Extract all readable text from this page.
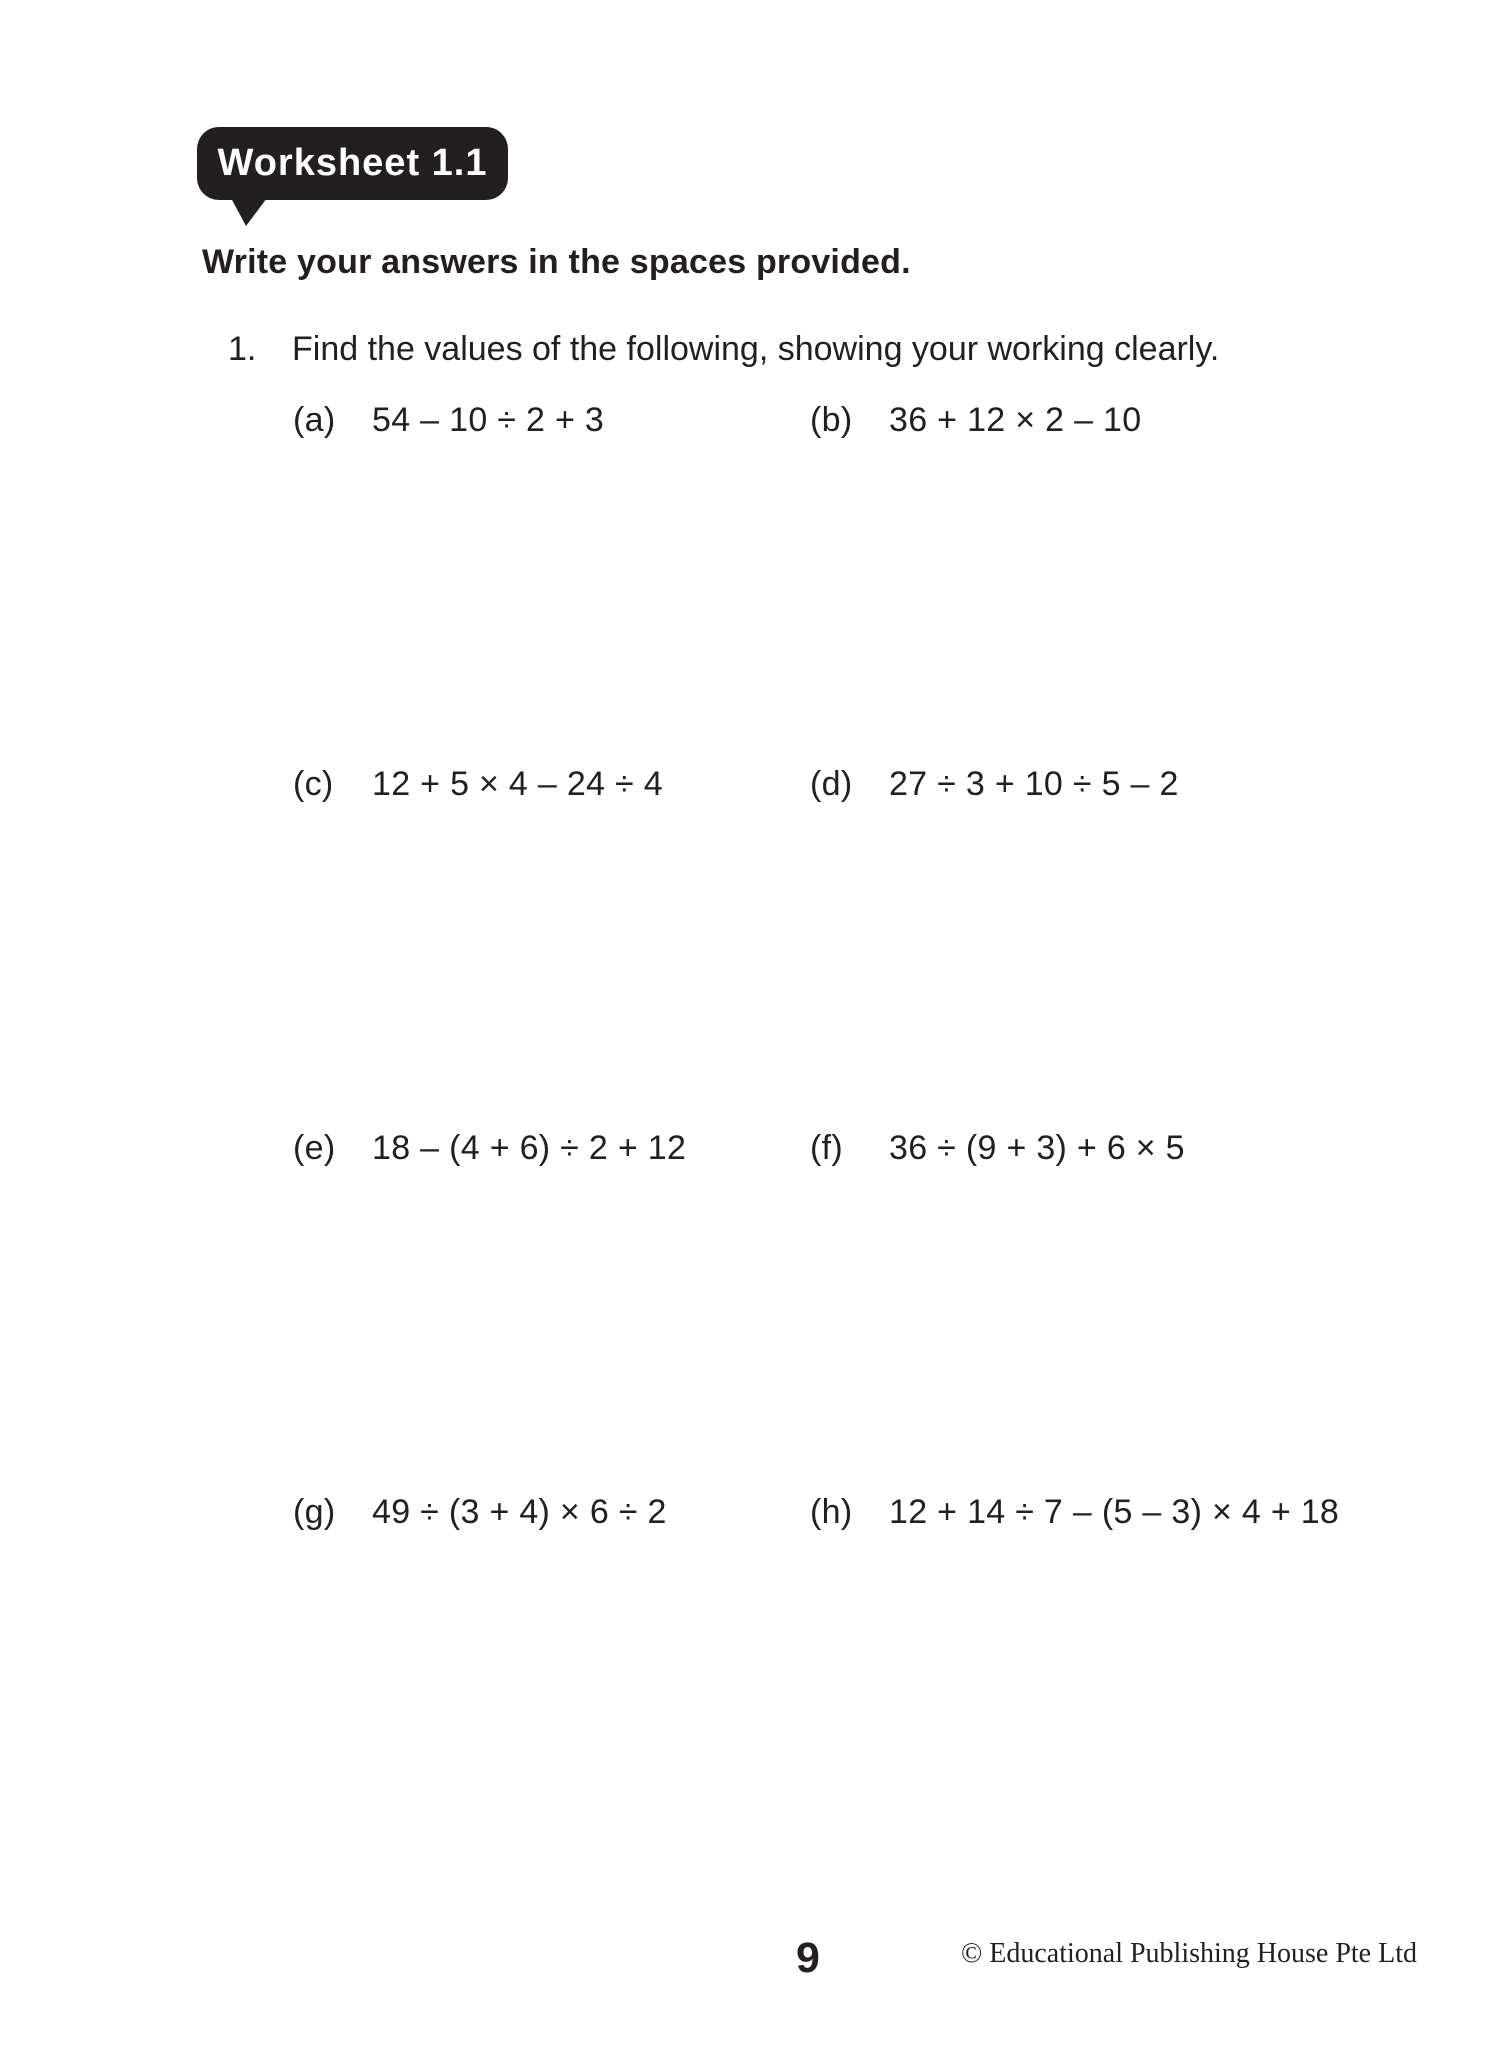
Worksheet 1.1
Write your answers in the spaces provided.
1. Find the values of the following, showing your working clearly.
(a) 54 – 10 ÷ 2 + 3	(b) 36 + 12 × 2 – 10
(c) 12 + 5 × 4 – 24 ÷ 4	(d) 27 ÷ 3 + 10 ÷ 5 – 2
(e) 18 – (4 + 6) ÷ 2 + 12	(f) 36 ÷ (9 + 3) + 6 × 5
(g) 49 ÷ (3 + 4) × 6 ÷ 2	(h) 12 + 14 ÷ 7 – (5 – 3) × 4 + 18
9	© Educational Publishing House Pte Ltd
